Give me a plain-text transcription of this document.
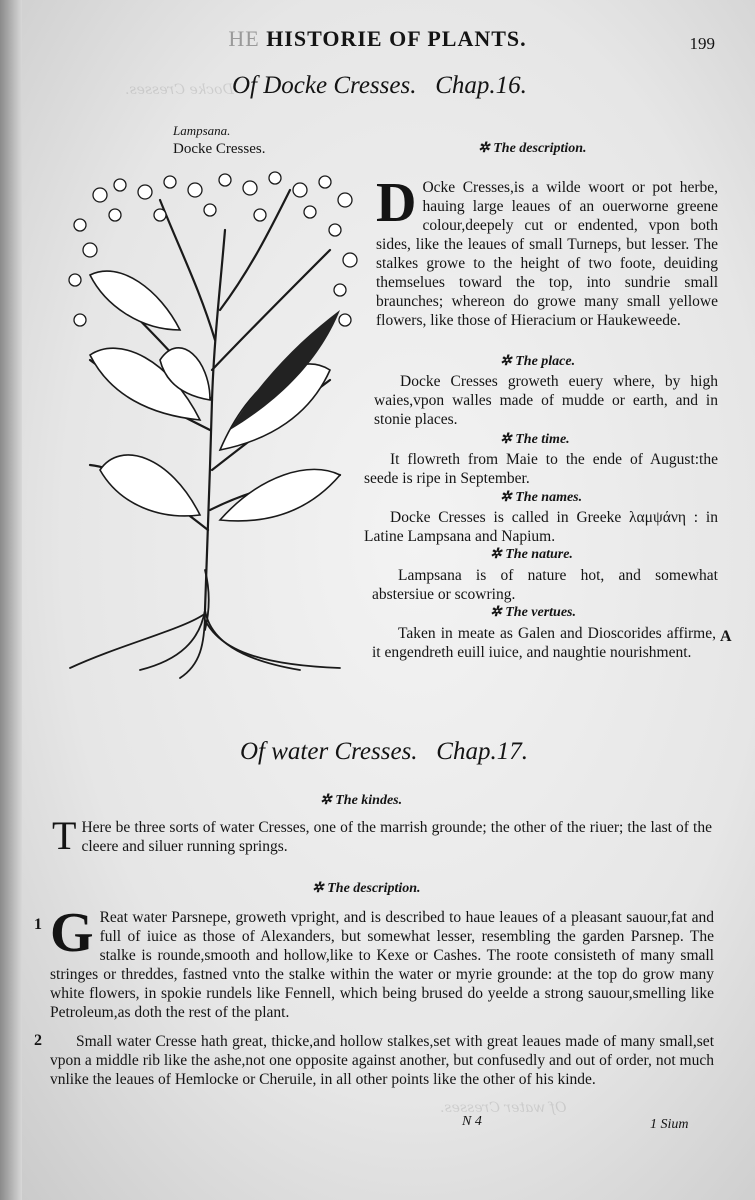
Docke Cresses.
Of water Cresses.
HE HISTORIE OF PLANTS.	199
Of Docke Cresses.   Chap.16.
Lampsana.
Docke Cresses.	✲ The description.
D Ocke Cresses,is a wilde woort or pot herbe, hauing large leaues of an ouerworne greene colour,deepely cut or endented, vpon both sides, like the leaues of small Turneps, but lesser. The stalkes growe to the height of two foote, deuiding themselues toward the top, into sundrie small braunches; whereon do growe many small yellowe flowers, like those of Hieracium or Haukeweede.
✲ The place.
Docke Cresses groweth euery where, by high waies,vpon walles made of mudde or earth, and in stonie places.
✲ The time.
It flowreth from Maie to the ende of August:the seede is ripe in September.
✲ The names.
Docke Cresses is called in Greeke λαμψάνη : in Latine Lampsana and Napium.
✲ The nature.
Lampsana is of nature hot, and somewhat abstersiue or scowring.
✲ The vertues.
Taken in meate as Galen and Dioscorides affirme, it engendreth euill iuice, and naughtie nourishment.
A
Of water Cresses.   Chap.17.
✲ The kindes.
T Here be three sorts of water Cresses, one of the marrish grounde; the other of the riuer; the last of the cleere and siluer running springs.
✲ The description.
1 G Reat water Parsnepe, groweth vpright, and is described to haue leaues of a pleasant sauour,fat and full of iuice as those of Alexanders, but somewhat lesser, resembling the garden Parsnep. The stalke is rounde,smooth and hollow,like to Kexe or Cashes. The roote consisteth of many small stringes or threddes, fastned vnto the stalke within the water or myrie grounde: at the top do grow many white flowers, in spokie rundels like Fennell, which being brused do yeelde a strong sauour,smelling like Petroleum,as doth the rest of the plant.
2	Small water Cresse hath great, thicke,and hollow stalkes,set with great leaues made of many small,set vpon a middle rib like the ashe,not one opposite against another, but confusedly and out of order, not much vnlike the leaues of Hemlocke or Cheruile, in all other points like the other of his kinde.
N 4	1 Sium
